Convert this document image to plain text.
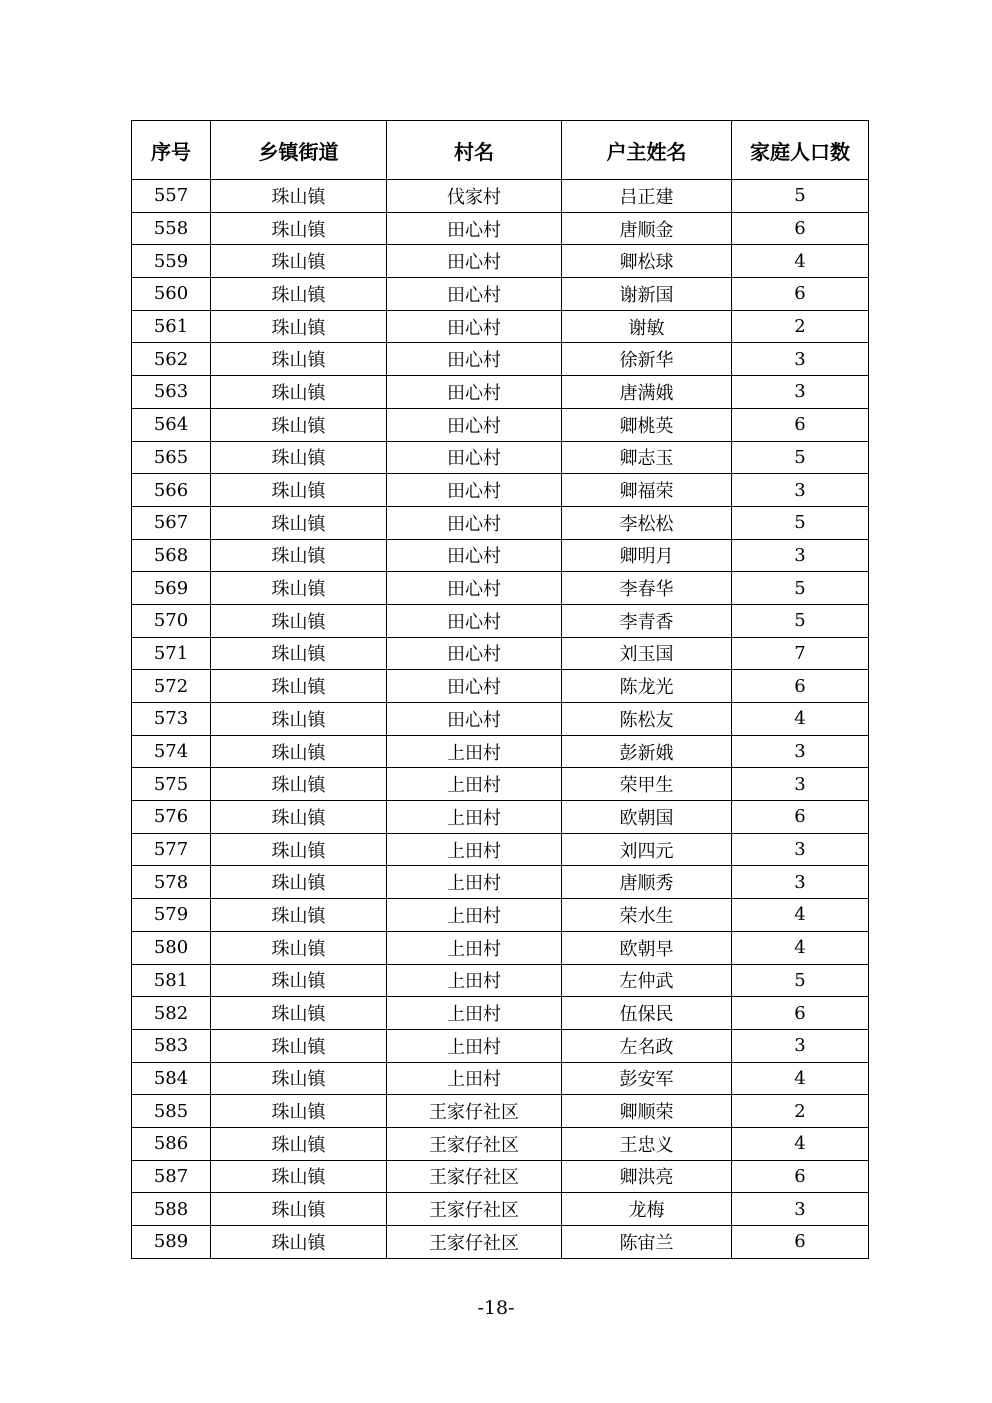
序号	乡镇街道	村名	户主姓名	家庭人口数
557	珠山镇	伐家村	吕正建	5
558	珠山镇	田心村	唐顺金	6
559	珠山镇	田心村	卿松球	4
560	珠山镇	田心村	谢新国	6
561	珠山镇	田心村	谢敏	2
562	珠山镇	田心村	徐新华	3
563	珠山镇	田心村	唐满娥	3
564	珠山镇	田心村	卿桃英	6
565	珠山镇	田心村	卿志玉	5
566	珠山镇	田心村	卿福荣	3
567	珠山镇	田心村	李松松	5
568	珠山镇	田心村	卿明月	3
569	珠山镇	田心村	李春华	5
570	珠山镇	田心村	李青香	5
571	珠山镇	田心村	刘玉国	7
572	珠山镇	田心村	陈龙光	6
573	珠山镇	田心村	陈松友	4
574	珠山镇	上田村	彭新娥	3
575	珠山镇	上田村	荣甲生	3
576	珠山镇	上田村	欧朝国	6
577	珠山镇	上田村	刘四元	3
578	珠山镇	上田村	唐顺秀	3
579	珠山镇	上田村	荣水生	4
580	珠山镇	上田村	欧朝早	4
581	珠山镇	上田村	左仲武	5
582	珠山镇	上田村	伍保民	6
583	珠山镇	上田村	左名政	3
584	珠山镇	上田村	彭安军	4
585	珠山镇	王家仔社区	卿顺荣	2
586	珠山镇	王家仔社区	王忠义	4
587	珠山镇	王家仔社区	卿洪亮	6
588	珠山镇	王家仔社区	龙梅	3
589	珠山镇	王家仔社区	陈宙兰	6
-18-
